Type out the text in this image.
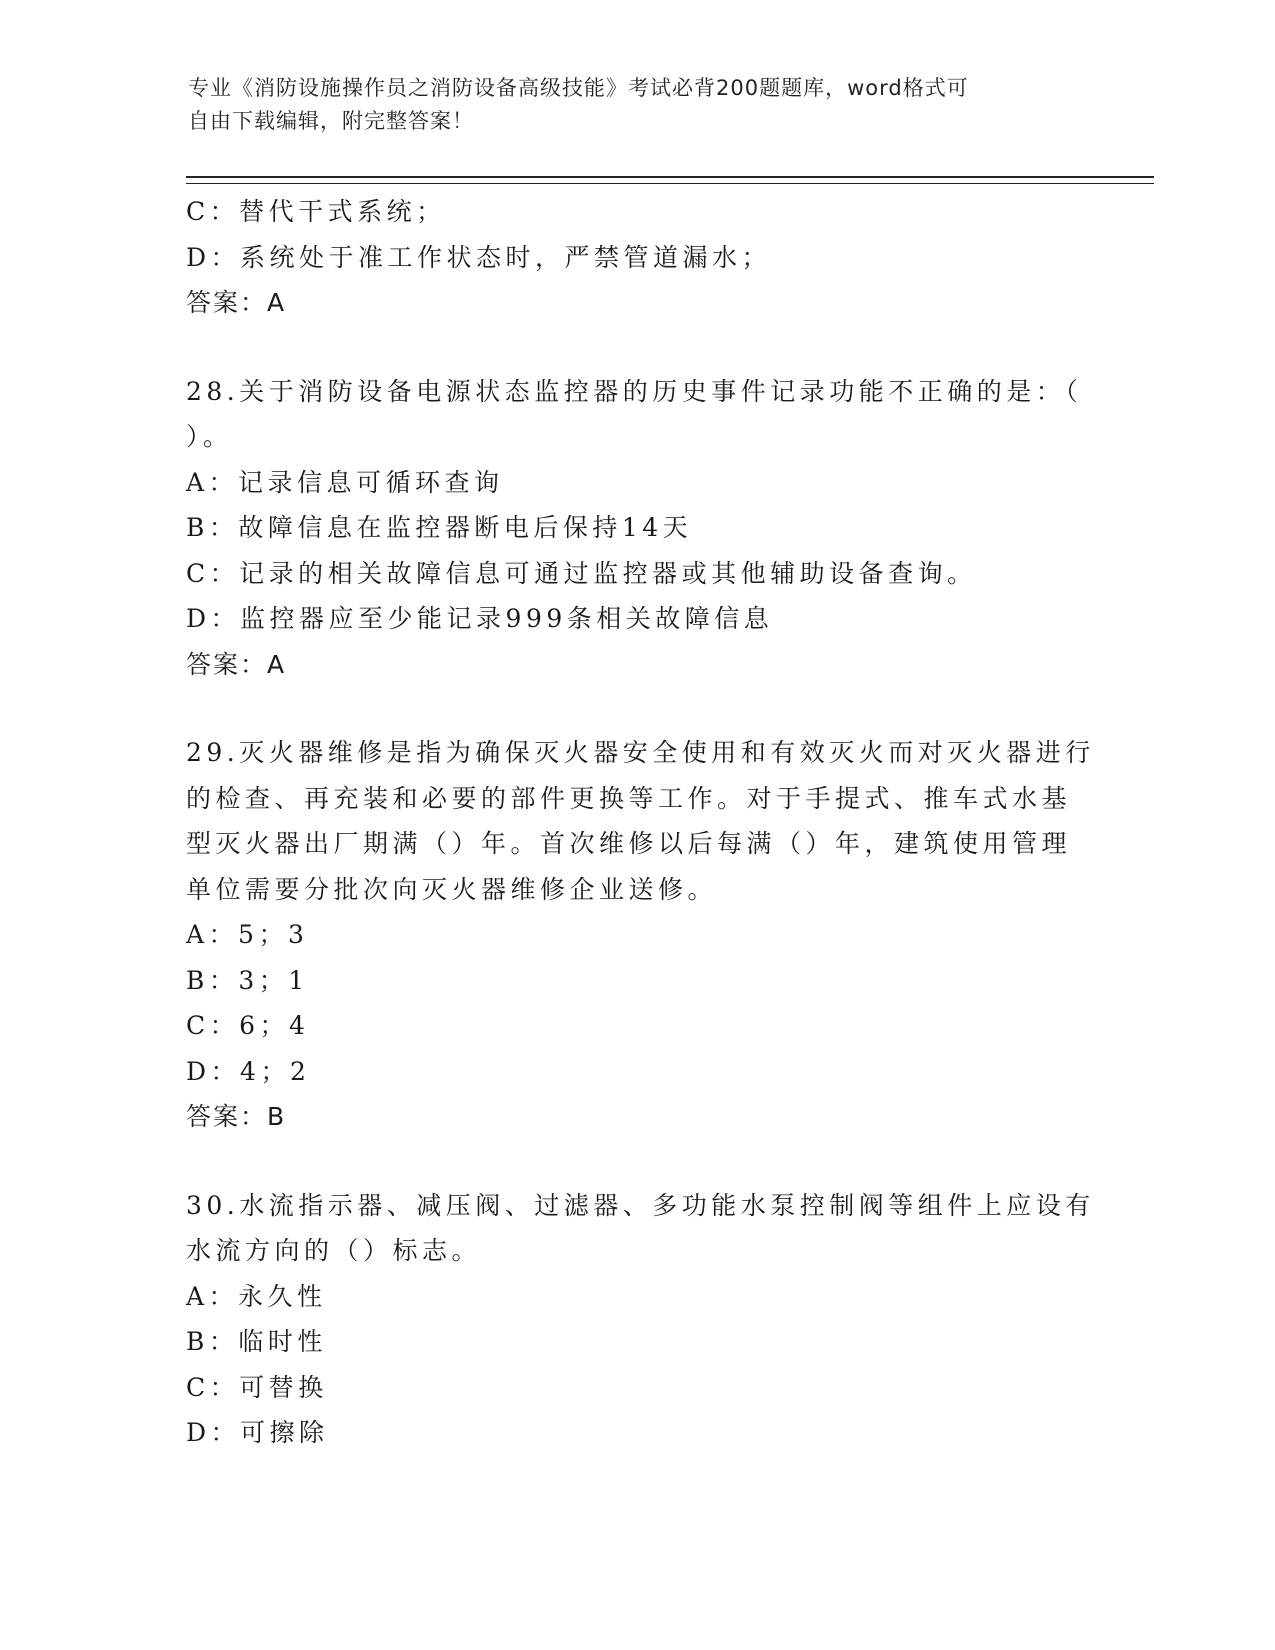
专业《消防设施操作员之消防设备高级技能》考试必背200题题库，word格式可
自由下载编辑，附完整答案！
C：替代干式系统；
D：系统处于准工作状态时，严禁管道漏水；
答案：A
28.关于消防设备电源状态监控器的历史事件记录功能不正确的是：（
）。
A：记录信息可循环查询
B：故障信息在监控器断电后保持14天
C：记录的相关故障信息可通过监控器或其他辅助设备查询。
D：监控器应至少能记录999条相关故障信息
答案：A
29.灭火器维修是指为确保灭火器安全使用和有效灭火而对灭火器进行
的检查、再充装和必要的部件更换等工作。对于手提式、推车式水基
型灭火器出厂期满（）年。首次维修以后每满（）年，建筑使用管理
单位需要分批次向灭火器维修企业送修。
A：5；3
B：3；1
C：6；4
D：4；2
答案：B
30.水流指示器、减压阀、过滤器、多功能水泵控制阀等组件上应设有
水流方向的（）标志。
A：永久性
B：临时性
C：可替换
D：可擦除
